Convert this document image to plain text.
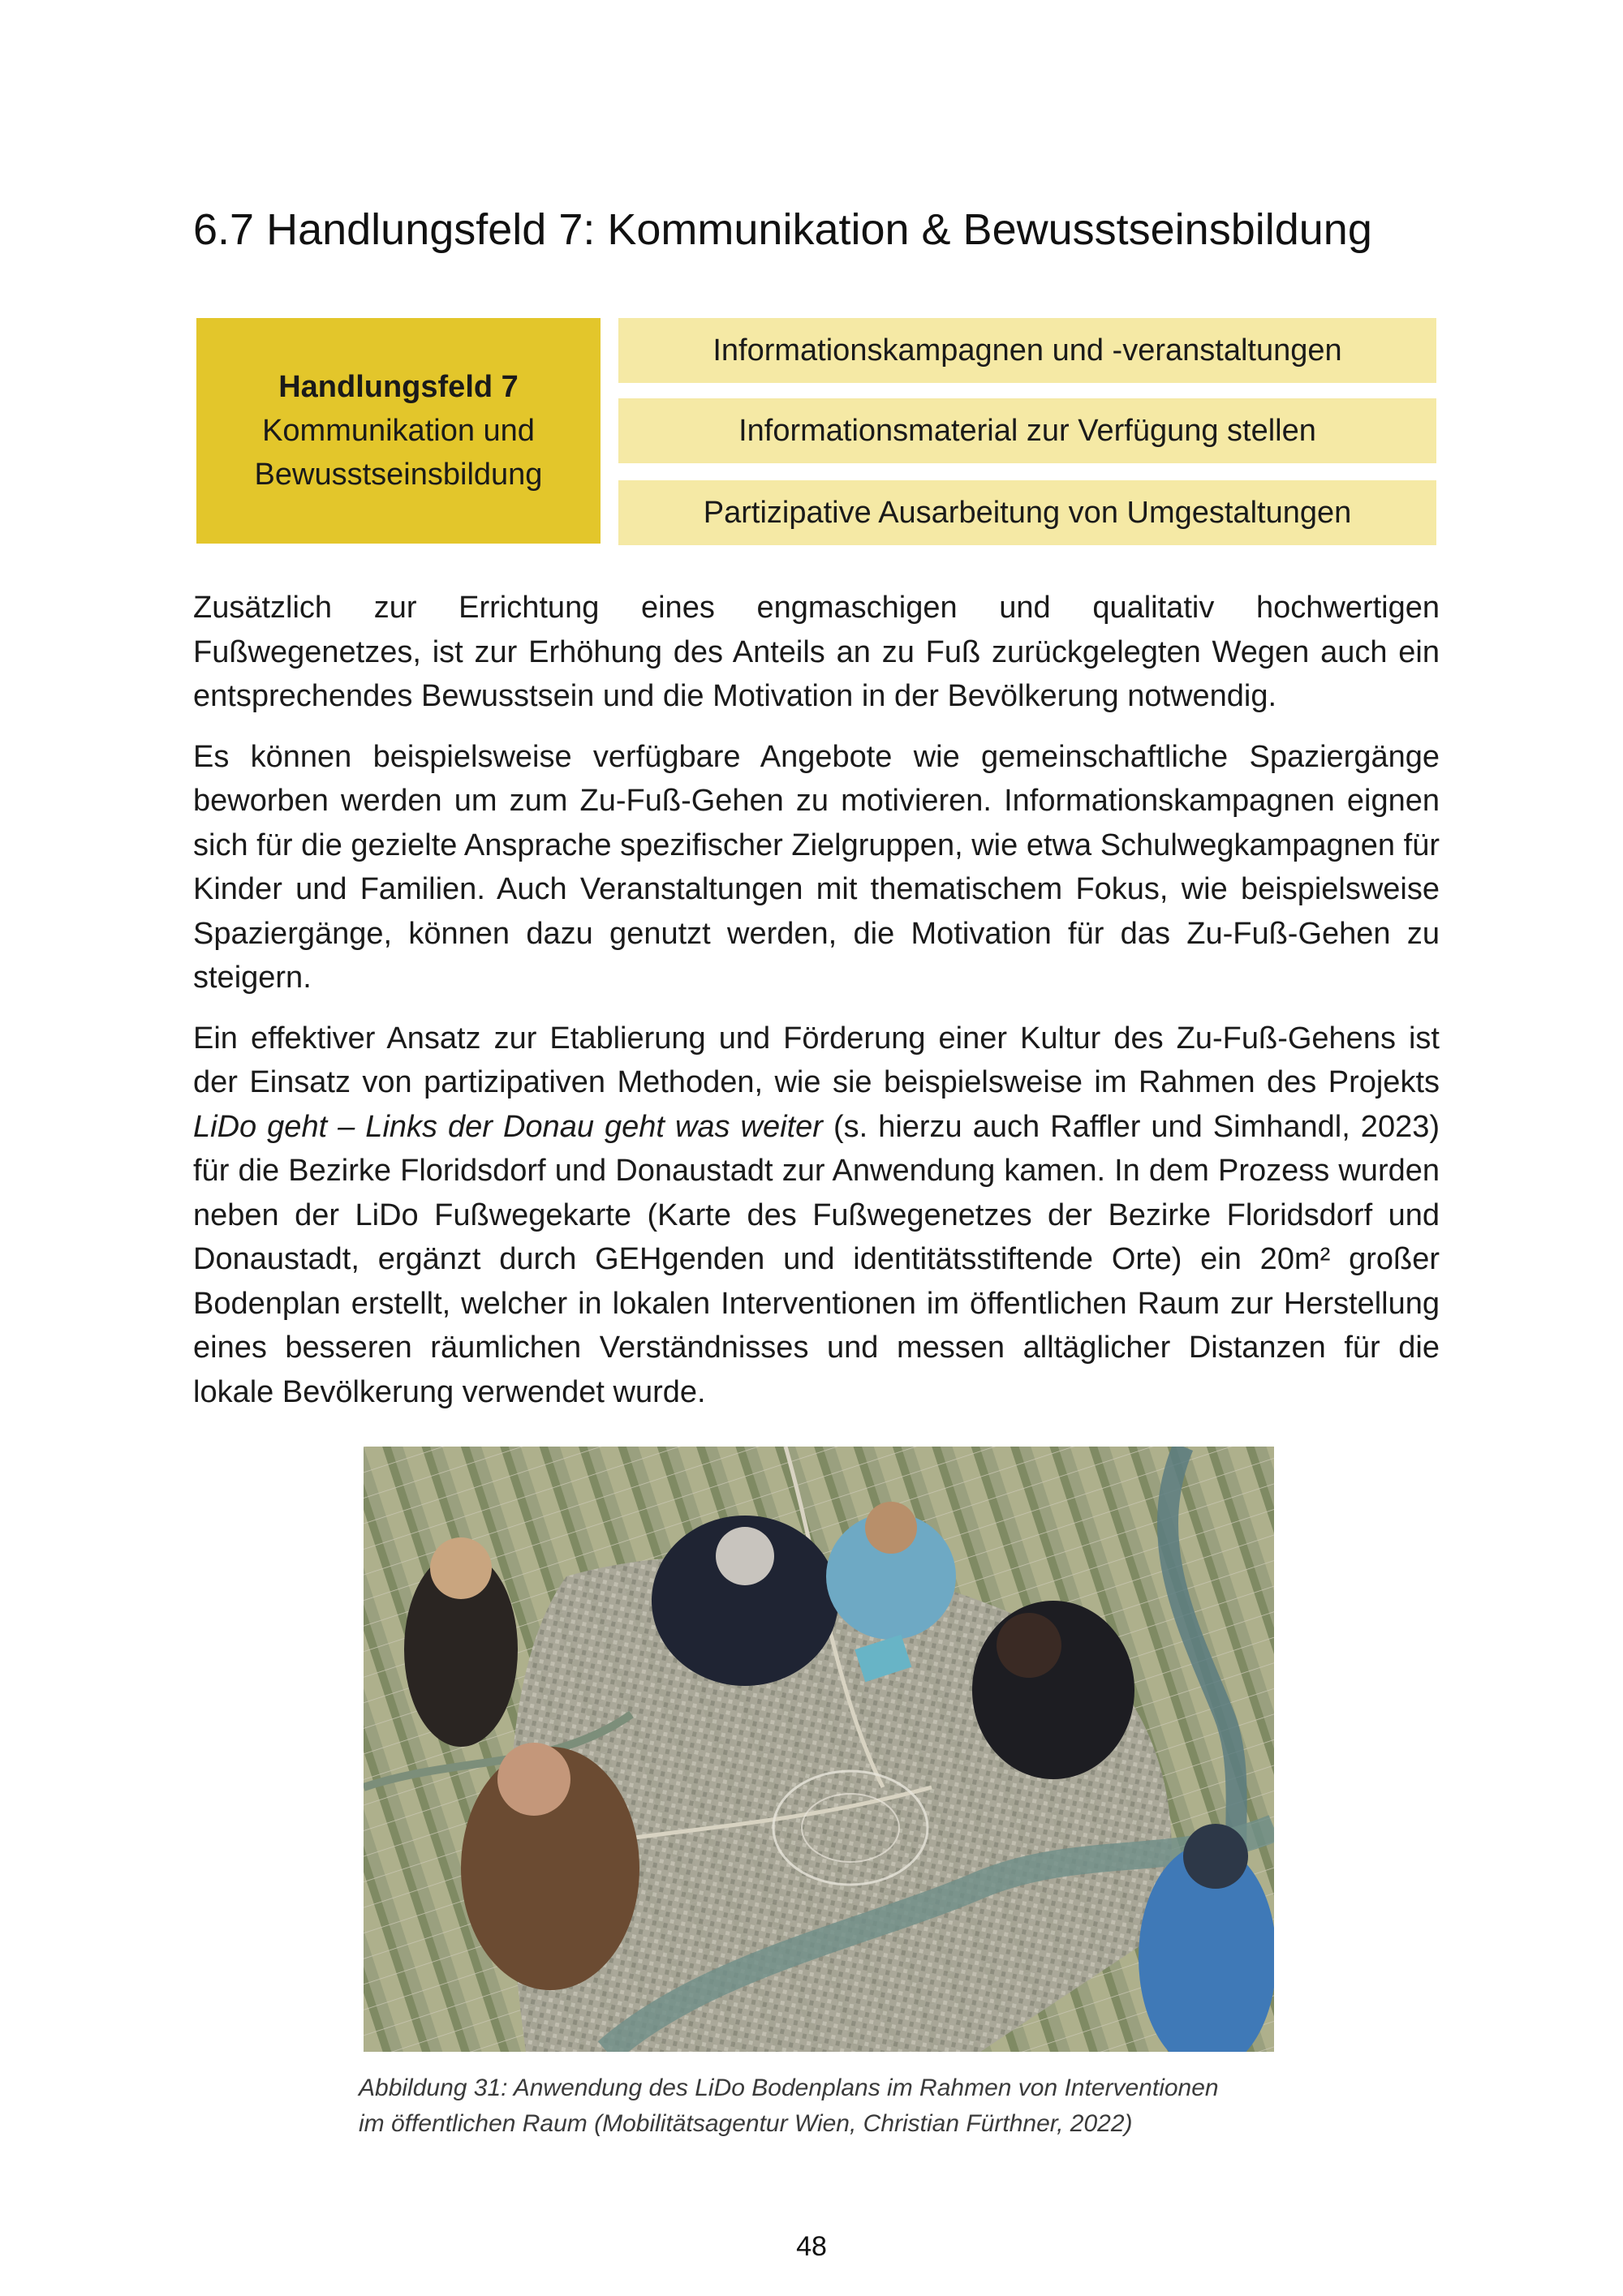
6.7 Handlungsfeld 7: Kommunikation & Bewusstseinsbildung
Handlungsfeld 7
Kommunikation und
Bewusstseinsbildung
Informationskampagnen und -veranstaltungen
Informationsmaterial zur Verfügung stellen
Partizipative Ausarbeitung von Umgestaltungen

Zusätzlich zur Errichtung eines engmaschigen und qualitativ hochwertigen Fußwegenetzes, ist zur Erhöhung des Anteils an zu Fuß zurückgelegten Wegen auch ein entsprechendes Bewusstsein und die Motivation in der Bevölkerung notwendig.

Es können beispielsweise verfügbare Angebote wie gemeinschaftliche Spaziergänge beworben werden um zum Zu-Fuß-Gehen zu motivieren. Informationskampagnen eignen sich für die gezielte Ansprache spezifischer Zielgruppen, wie etwa Schulwegkampagnen für Kinder und Familien. Auch Veranstaltungen mit thematischem Fokus, wie beispielsweise Spaziergänge, können dazu genutzt werden, die Motivation für das Zu-Fuß-Gehen zu steigern.

Ein effektiver Ansatz zur Etablierung und Förderung einer Kultur des Zu-Fuß-Gehens ist der Einsatz von partizipativen Methoden, wie sie beispielsweise im Rahmen des Projekts LiDo geht – Links der Donau geht was weiter (s. hierzu auch Raffler und Simhandl, 2023) für die Bezirke Floridsdorf und Donaustadt zur Anwendung kamen. In dem Prozess wurden neben der LiDo Fußwegekarte (Karte des Fußwegenetzes der Bezirke Floridsdorf und Donaustadt, ergänzt durch GEHgenden und identitätsstiftende Orte) ein 20m² großer Bodenplan erstellt, welcher in lokalen Interventionen im öffentlichen Raum zur Herstellung eines besseren räumlichen Verständnisses und messen alltäglicher Distanzen für die lokale Bevölkerung verwendet wurde.

Abbildung 31: Anwendung des LiDo Bodenplans im Rahmen von Interventionen
im öffentlichen Raum (Mobilitätsagentur Wien, Christian Fürthner, 2022)
48
